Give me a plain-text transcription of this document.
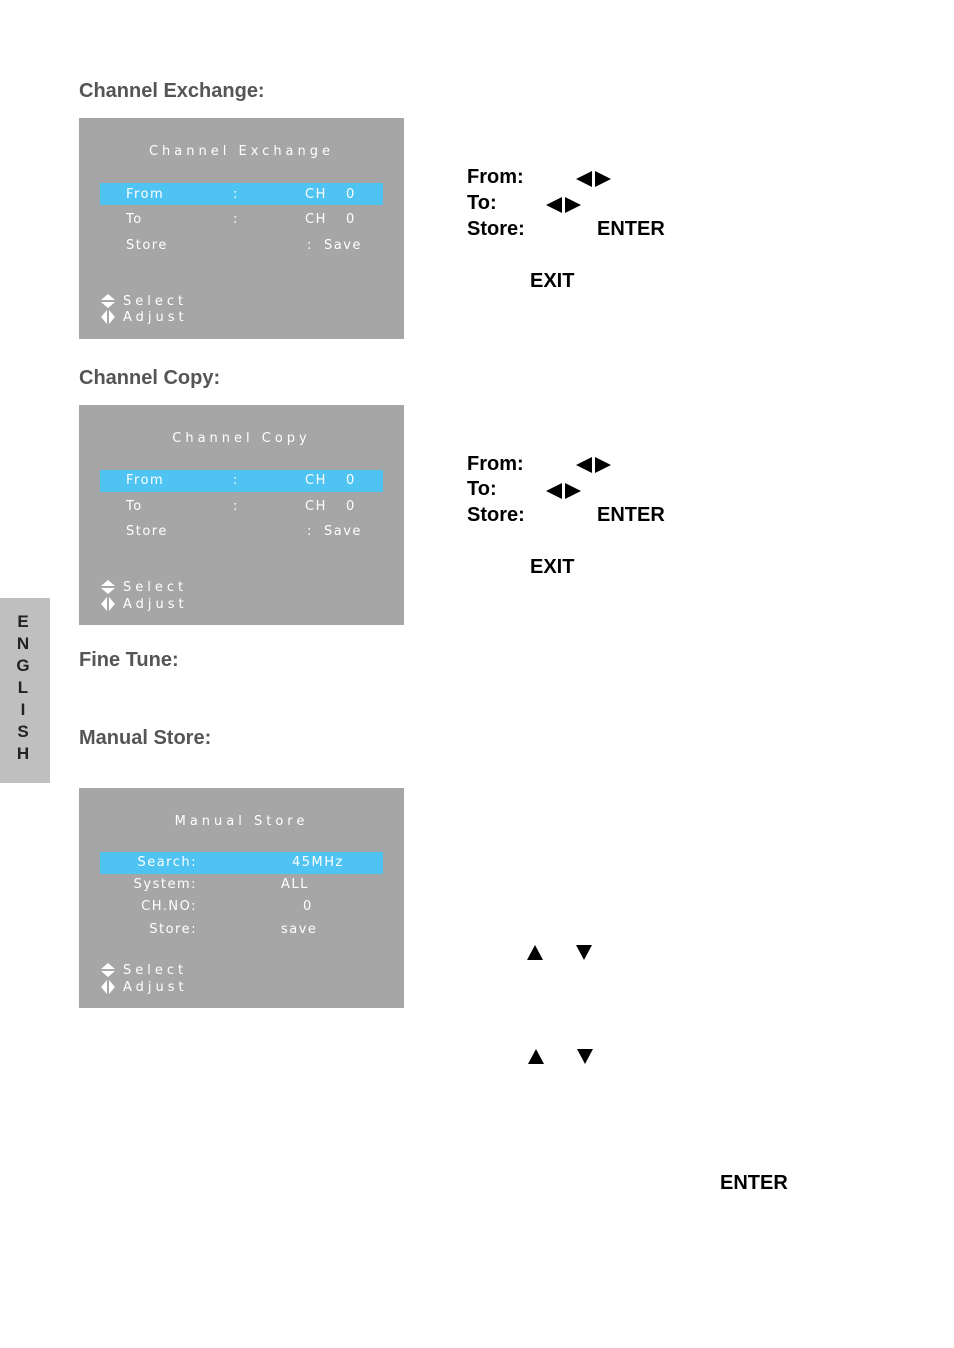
Channel Exchange:
Channel Exchange
From	:	CH 0
To	:	CH 0
Store	: Save
Select
Adjust
From:
To:
Store:	ENTER
EXIT
Channel Copy:
Channel Copy
From	:	CH 0
To	:	CH 0
Store	: Save
Select
Adjust
From:
To:
Store:	ENTER
EXIT
E
N
G
L
I
S
H
Fine Tune:
Manual Store:
Manual Store
Search:	45MHz
System:	ALL
CH.NO:	0
Store:	save
Select
Adjust
ENTER
